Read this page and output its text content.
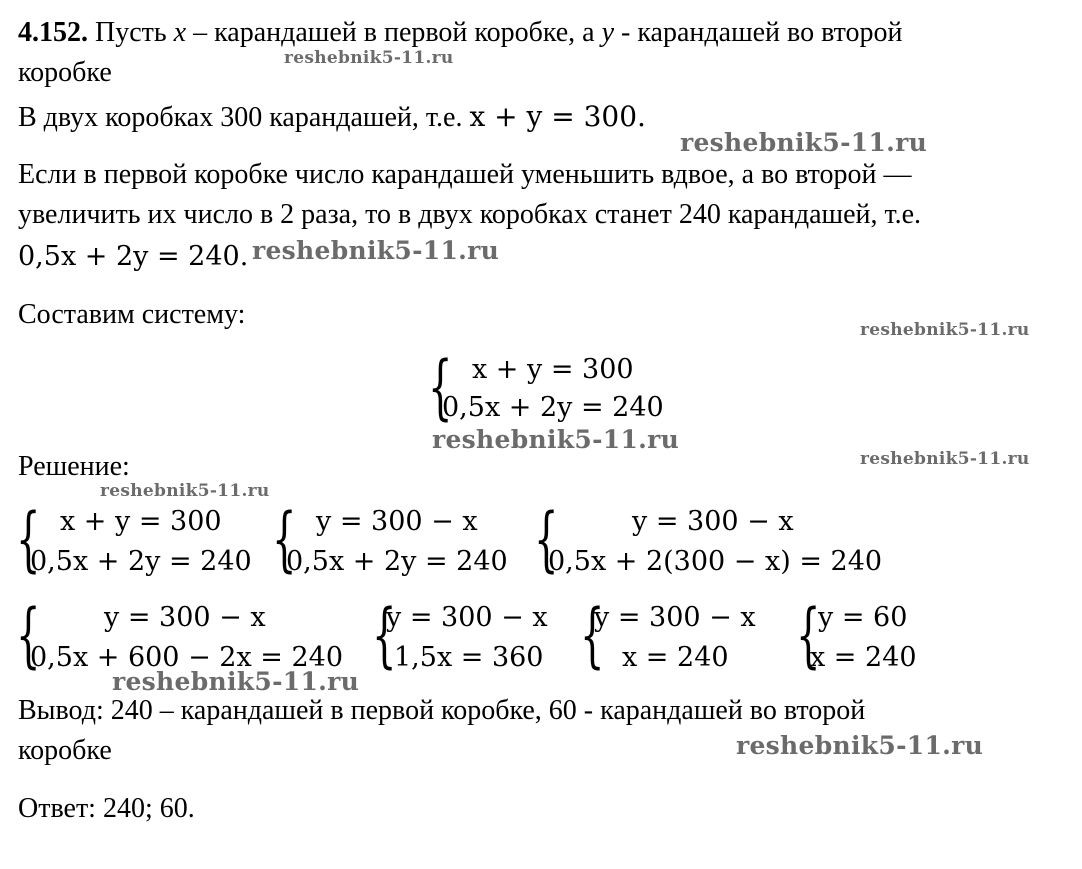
4.152. Пусть x – карандашей в первой коробке, а y - карандашей во второй
коробке
В двух коробках 300 карандашей, т.е. x + y = 300.
Если в первой коробке число карандашей уменьшить вдвое, а во второй —
увеличить их число в 2 раза, то в двух коробках станет 240 карандашей, т.е.
0,5x + 2y = 240.
Составим систему:
{ x + y = 300
0,5x + 2y = 240
Решение:
{ x + y = 300
0,5x + 2y = 240 { y = 300 − x
0,5x + 2y = 240 {	y = 300 − x
0,5x + 2(300 − x) = 240
{ y = 300 − x
0,5x + 600 − 2x = 240 {
y = 300 − x
1,5x = 360 {
y = 300 − x
x = 240 {
y = 60
x = 240
Вывод: 240 – карандашей в первой коробке, 60 - карандашей во второй
коробке
Ответ: 240; 60.
reshebnik5-11.ru
reshebnik5-11.ru
reshebnik5-11.ru
reshebnik5-11.ru
reshebnik5-11.ru
reshebnik5-11.ru
reshebnik5-11.ru
reshebnik5-11.ru
reshebnik5-11.ru
